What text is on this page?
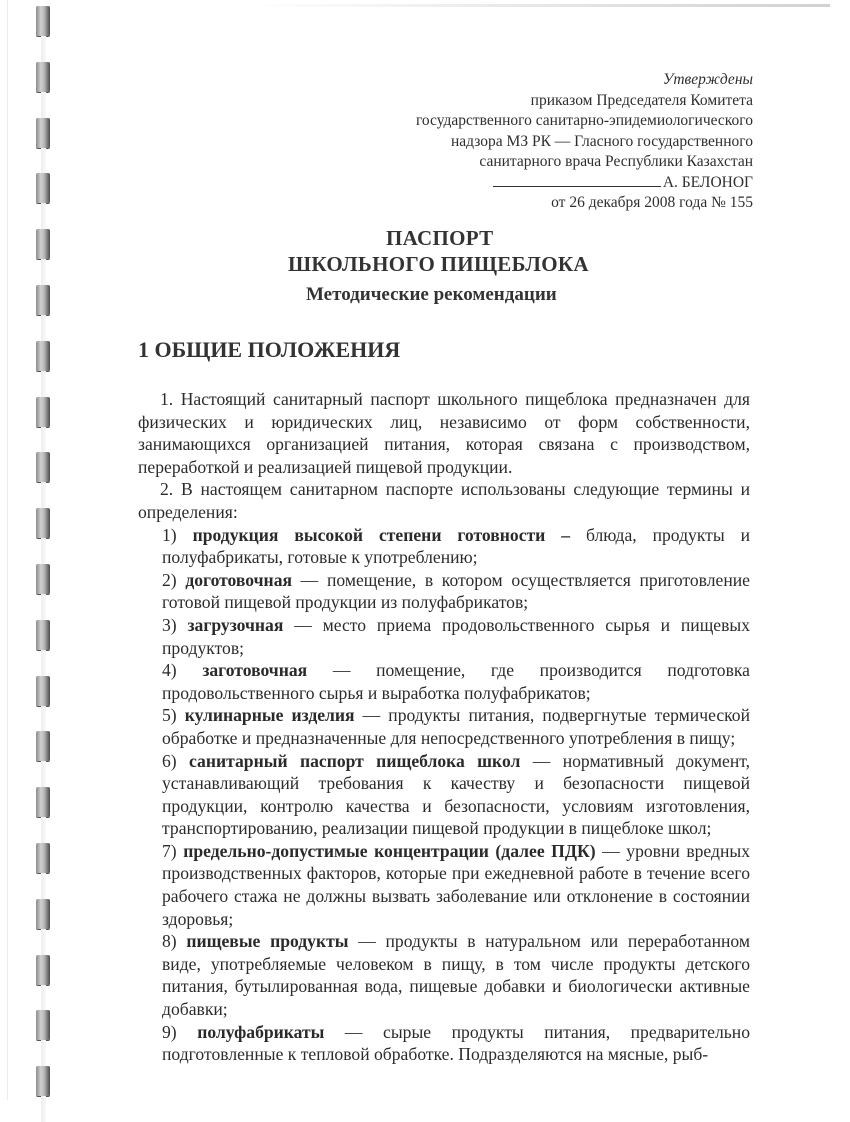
Утверждены
приказом Председателя Комитета
государственного санитарно-эпидемиологического
надзора МЗ РК — Гласного государственного
санитарного врача Республики Казахстан
А. БЕЛОНОГ
от 26 декабря 2008 года № 155
ПАСПОРТ
ШКОЛЬНОГО ПИЩЕБЛОКА
Методические рекомендации
1 ОБЩИЕ ПОЛОЖЕНИЯ

1. Настоящий санитарный паспорт школьного пищеблока предназначен для физических и юридических лиц, независимо от форм собственности, занимающихся организацией питания, которая связана с производством, переработкой и реализацией пищевой продукции.

2. В настоящем санитарном паспорте использованы следующие термины и определения:

1) продукция высокой степени готовности – блюда, продукты и полуфабрикаты, готовые к употреблению;

2) доготовочная — помещение, в котором осуществляется приготовление готовой пищевой продукции из полуфабрикатов;

3) загрузочная — место приема продовольственного сырья и пищевых продуктов;

4) заготовочная — помещение, где производится подготовка продовольственного сырья и выработка полуфабрикатов;

5) кулинарные изделия — продукты питания, подвергнутые термической обработке и предназначенные для непосредственного употребления в пищу;

6) санитарный паспорт пищеблока школ — нормативный документ, устанавливающий требования к качеству и безопасности пищевой продукции, контролю качества и безопасности, условиям изготовления, транспортированию, реализации пищевой продукции в пищеблоке школ;

7) предельно-допустимые концентрации (далее ПДК) — уровни вредных производственных факторов, которые при ежедневной работе в течение всего рабочего стажа не должны вызвать заболевание или отклонение в состоянии здоровья;

8) пищевые продукты — продукты в натуральном или переработанном виде, употребляемые человеком в пищу, в том числе продукты детского питания, бутылированная вода, пищевые добавки и биологически активные добавки;

9) полуфабрикаты — сырые продукты питания, предварительно подготовленные к тепловой обработке. Подразделяются на мясные, рыб-
